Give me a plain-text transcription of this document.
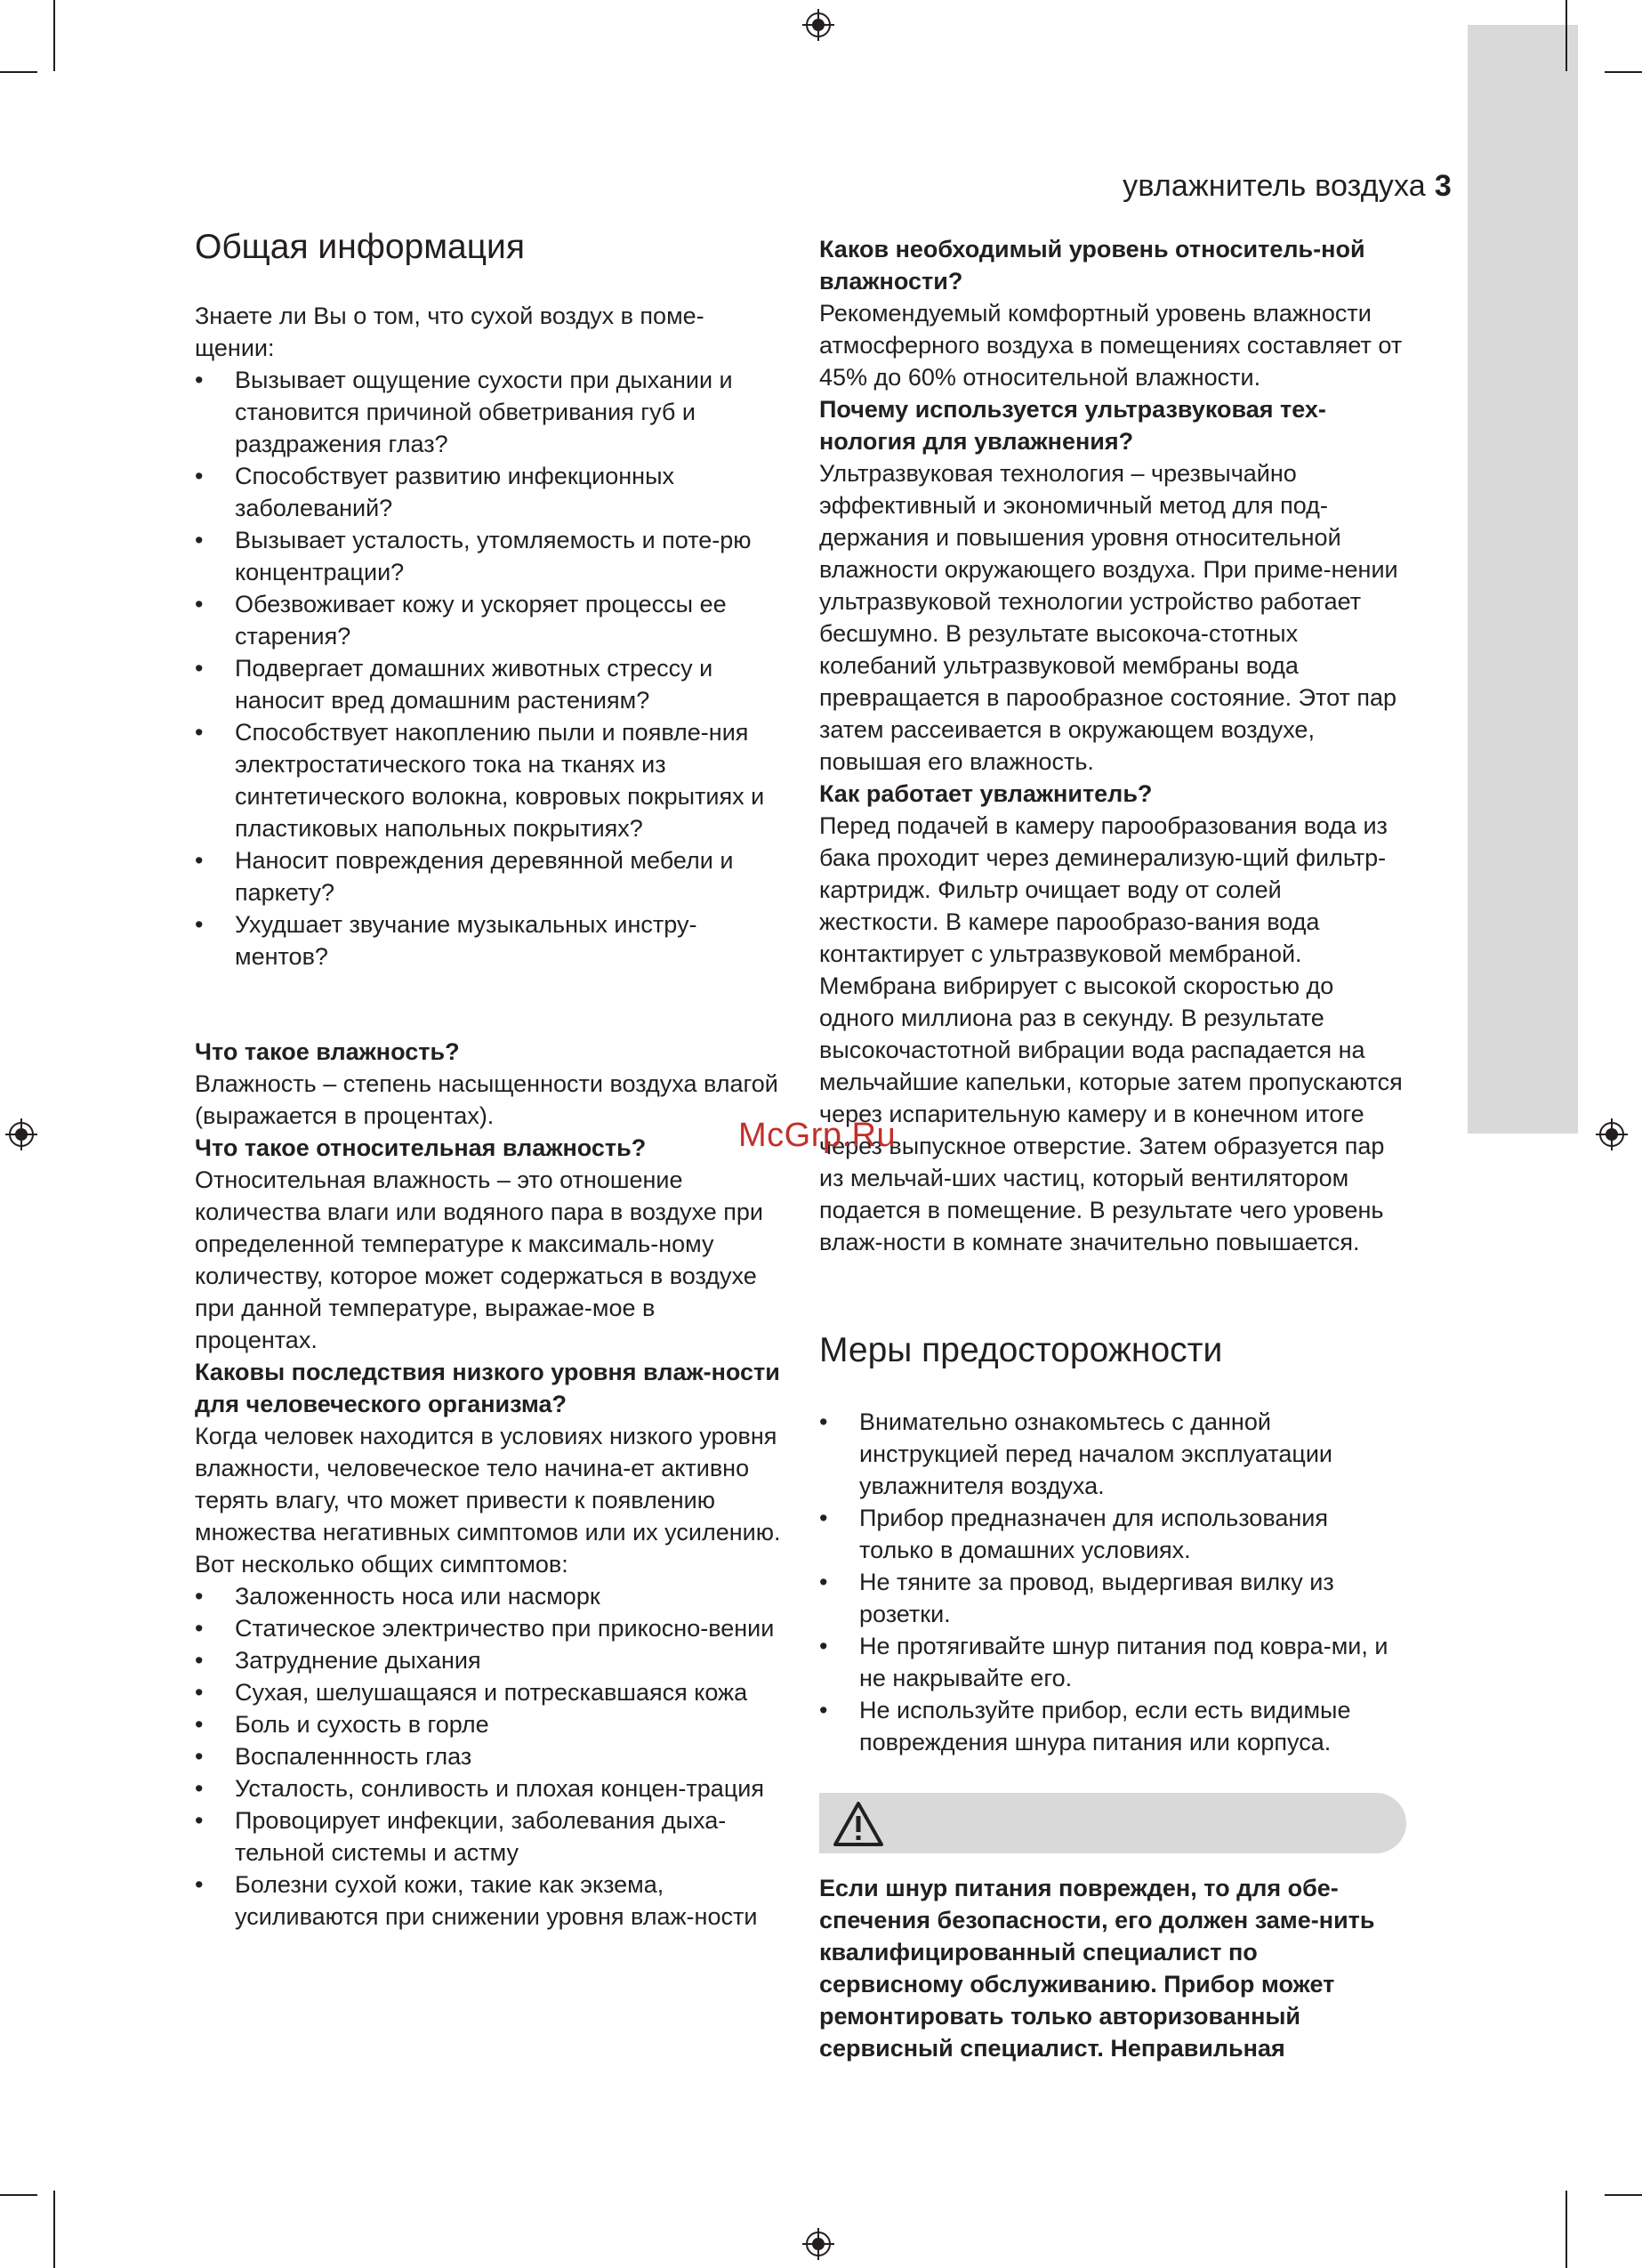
увлажнитель воздуха 3
Общая информация

Знаете ли Вы о том, что сухой воздух в поме-щении:

• Вызывает ощущение сухости при дыхании и становится причиной обветривания губ и раздражения глаз?
• Способствует развитию инфекционных заболеваний?
• Вызывает усталость, утомляемость и поте-рю концентрации?
• Обезвоживает кожу и ускоряет процессы ее старения?
• Подвергает домашних животных стрессу и наносит вред домашним растениям?
• Способствует накоплению пыли и появле-ния электростатического тока на тканях из синтетического волокна, ковровых покрытиях и пластиковых напольных покрытиях?
• Наносит повреждения деревянной мебели и паркету?
• Ухудшает звучание музыкальных инстру-ментов?

Что такое влажность?

Влажность – степень насыщенности воздуха влагой (выражается в процентах).

Что такое относительная влажность?

Относительная влажность – это отношение количества влаги или водяного пара в воздухе при определенной температуре к максималь-ному количеству, которое может содержаться в воздухе при данной температуре, выражае-мое в процентах.

Каковы последствия низкого уровня влаж-ности для человеческого организма?

Когда человек находится в условиях низкого уровня влажности, человеческое тело начина-ет активно терять влагу, что может привести к появлению множества негативных симптомов или их усилению.

Вот несколько общих симптомов:

• Заложенность носа или насморк
• Статическое электричество при прикосно-вении
• Затруднение дыхания
• Сухая, шелушащаяся и потрескавшаяся кожа
• Боль и сухость в горле
• Воспаленнность глаз
• Усталость, сонливость и плохая концен-трация
• Провоцирует инфекции, заболевания дыха-тельной системы и астму
• Болезни сухой кожи, такие как экзема, усиливаются при снижении уровня влаж-ности

Каков необходимый уровень относитель-ной влажности?

Рекомендуемый комфортный уровень влажности атмосферного воздуха в помещениях составляет от 45% до 60% относительной влажности.

Почему используется ультразвуковая тех-нология для увлажнения?

Ультразвуковая технология – чрезвычайно эффективный и экономичный метод для под-держания и повышения уровня относительной влажности окружающего воздуха. При приме-нении ультразвуковой технологии устройство работает бесшумно. В результате высокоча-стотных колебаний ультразвуковой мембраны вода превращается в парообразное состояние. Этот пар затем рассеивается в окружающем воздухе, повышая его влажность.

Как работает увлажнитель?

Перед подачей в камеру парообразования вода из бака проходит через деминерализую-щий фильтр-картридж. Фильтр очищает воду от солей жесткости. В камере парообразо-вания вода контактирует с ультразвуковой мембраной. Мембрана вибрирует с высокой скоростью до одного миллиона раз в секунду. В результате высокочастотной вибрации вода распадается на мельчайшие капельки, которые затем пропускаются через испарительную камеру и в конечном итоге через выпускное отверстие. Затем образуется пар из мельчай-ших частиц, который вентилятором подается в помещение. В результате чего уровень влаж-ности в комнате значительно повышается.

Меры предосторожности
• Внимательно ознакомьтесь с данной инструкцией перед началом эксплуатации увлажнителя воздуха.
• Прибор предназначен для использования только в домашних условиях.
• Не тяните за провод, выдергивая вилку из розетки.
• Не протягивайте шнур питания под ковра-ми, и не накрывайте его.
• Не используйте прибор, если есть видимые повреждения шнура питания или корпуса.
Если шнур питания поврежден, то для обе-спечения безопасности, его должен заме-нить квалифицированный специалист по сервисному обслуживанию. Прибор может ремонтировать только авторизованный сервисный специалист. Неправильная
McGrp.Ru
